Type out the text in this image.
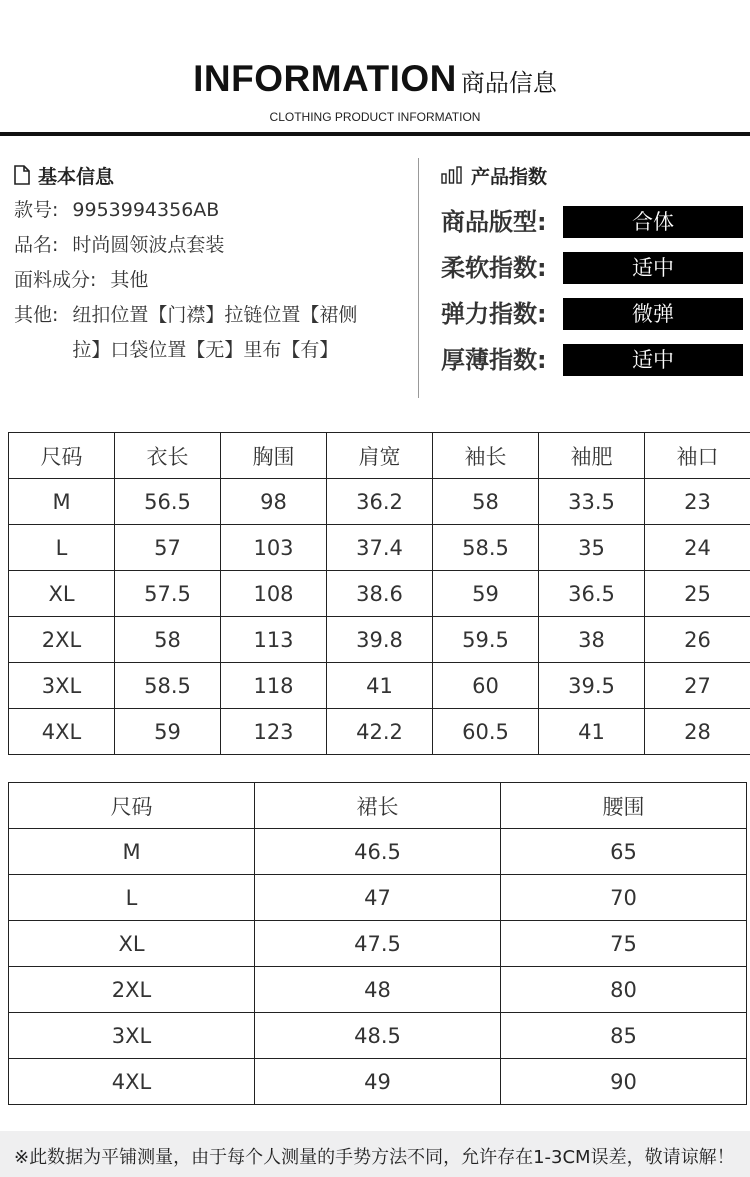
INFORMATION 商品信息
CLOTHING PRODUCT INFORMATION
基本信息
款号: 9953994356AB
品名: 时尚圆领波点套装
面料成分: 其他
其他: 纽扣位置【门襟】拉链位置【裙侧拉】口袋位置【无】里布【有】
产品指数
商品版型:	合体
柔软指数:	适中
弹力指数:	微弹
厚薄指数:	适中
尺码	衣长	胸围	肩宽	袖长	袖肥	袖口
M	56.5	98	36.2	58	33.5	23
L	57	103	37.4	58.5	35	24
XL	57.5	108	38.6	59	36.5	25
2XL	58	113	39.8	59.5	38	26
3XL	58.5	118	41	60	39.5	27
4XL	59	123	42.2	60.5	41	28
尺码	裙长	腰围
M	46.5	65
L	47	70
XL	47.5	75
2XL	48	80
3XL	48.5	85
4XL	49	90
※此数据为平铺测量，由于每个人测量的手势方法不同，允许存在1-3CM误差，敬请谅解！
